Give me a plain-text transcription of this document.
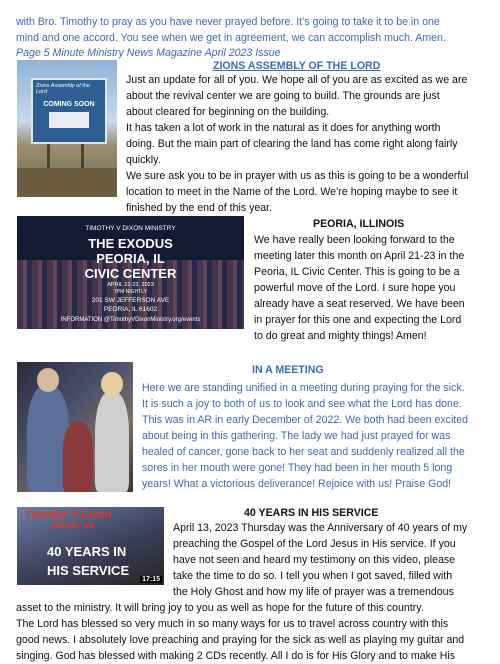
with Bro. Timothy to pray as you have never prayed before. It’s going to take it to be in one
mind and one accord. You see when we get in agreement, we can accomplish much. Amen.
Page 5 Minute Ministry News Magazine April 2023 Issue
Zions Assembly of the Lord
COMING SOON
ZIONS ASSEMBLY OF THE LORD
Just an update for all of you. We hope all of you are as excited as we are
about the revival center we are going to build. The grounds are just
about cleared for beginning on the building.
It has taken a lot of work in the natural as it does for anything worth
doing. But the main part of clearing the land has come right along fairly
quickly.
We sure ask you to be in prayer with us as this is going to be a wonderful
location to meet in the Name of the Lord. We’re hoping maybe to see it
finished by the end of this year.
TIMOTHY V DIXON MINISTRY
THE EXODUS
PEORIA, IL
CIVIC CENTER
APRIL 21-23, 2023
7PM NIGHTLY
201 SW JEFFERSON AVE
PEORIA, IL 61602
INFORMATION @TimothyVDixonMinistry.org/events
PEORIA, ILLINOIS
We have really been looking forward to the
meeting later this month on April 21-23 in the
Peoria, IL Civic Center. This is going to be a
powerful move of the Lord. I sure hope you
already have a seat reserved. We have been
in prayer for this one and expecting the Lord
to do great and mighty things! Amen!
IN A MEETING
Here we are standing unified in a meeting during praying for the sick.
It is such a joy to both of us to look and see what the Lord has done.
This was in AR in early December of 2022. We both had been excited
about being in this gathering. The lady we had just prayed for was
healed of cancer, gone back to her seat and suddenly realized all the
sores in her mouth were gone! They had been in her mouth 5 long
years! What a victorious deliverance! Rejoice with us! Praise God!
Timothy V Dixon
Ministry Inc
40 YEARS IN
HIS SERVICE
17:15
40 YEARS IN HIS SERVICE
April 13, 2023 Thursday was the Anniversary of 40 years of my
preaching the Gospel of the Lord Jesus in His service. If you
have not seen and heard my testimony on this video, please
take the time to do so. I tell you when I got saved, filled with
the Holy Ghost and how my life of prayer was a tremendous
asset to the ministry. It will bring joy to you as well as hope for the future of this country.
The Lord has blessed so very much in so many ways for us to travel across country with this
good news. I absolutely love preaching and praying for the sick as well as playing my guitar and
singing. God has blessed with making 2 CDs recently. All I do is for His Glory and to make His
